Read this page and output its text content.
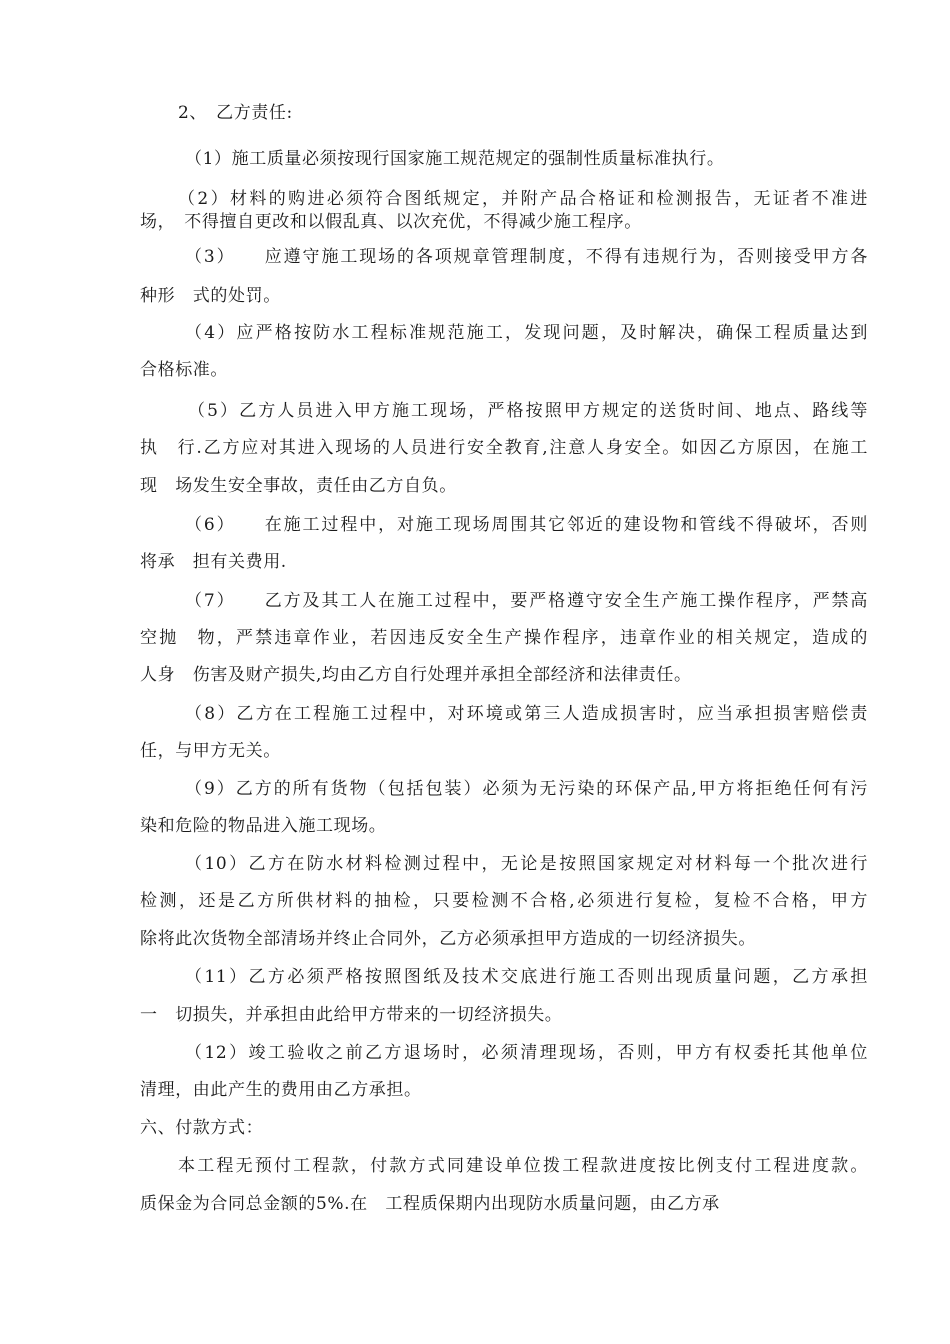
2、　乙方责任:
（1）施工质量必须按现行国家施工规范规定的强制性质量标准执行。
（2）材料的购进必须符合图纸规定，并附产品合格证和检测报告，无证者不准进
场，　不得擅自更改和以假乱真、以次充优，不得减少施工程序。
（3）　　应遵守施工现场的各项规章管理制度，不得有违规行为，否则接受甲方各
种形　式的处罚。
（4）应严格按防水工程标准规范施工，发现问题，及时解决，确保工程质量达到
合格标准。
（5）乙方人员进入甲方施工现场，严格按照甲方规定的送货时间、地点、路线等
执　行.乙方应对其进入现场的人员进行安全教育,注意人身安全。如因乙方原因，在施工
现　场发生安全事故，责任由乙方自负。
（6）　　在施工过程中，对施工现场周围其它邻近的建设物和管线不得破坏，否则
将承　担有关费用.
（7）　　乙方及其工人在施工过程中，要严格遵守安全生产施工操作程序，严禁高
空抛　物，严禁违章作业，若因违反安全生产操作程序，违章作业的相关规定，造成的
人身　伤害及财产损失,均由乙方自行处理并承担全部经济和法律责任。
（8）乙方在工程施工过程中，对环境或第三人造成损害时，应当承担损害赔偿责
任，与甲方无关。
（9）乙方的所有货物（包括包装）必须为无污染的环保产品,甲方将拒绝任何有污
染和危险的物品进入施工现场。
（10）乙方在防水材料检测过程中，无论是按照国家规定对材料每一个批次进行
检测，还是乙方所供材料的抽检，只要检测不合格,必须进行复检，复检不合格，甲方
除将此次货物全部清场并终止合同外，乙方必须承担甲方造成的一切经济损失。
（11）乙方必须严格按照图纸及技术交底进行施工否则出现质量问题，乙方承担
一　切损失，并承担由此给甲方带来的一切经济损失。
（12）竣工验收之前乙方退场时，必须清理现场，否则，甲方有权委托其他单位
清理，由此产生的费用由乙方承担。
六、付款方式：
本工程无预付工程款，付款方式同建设单位拨工程款进度按比例支付工程进度款。
质保金为合同总金额的5%.在　工程质保期内出现防水质量问题，由乙方承
